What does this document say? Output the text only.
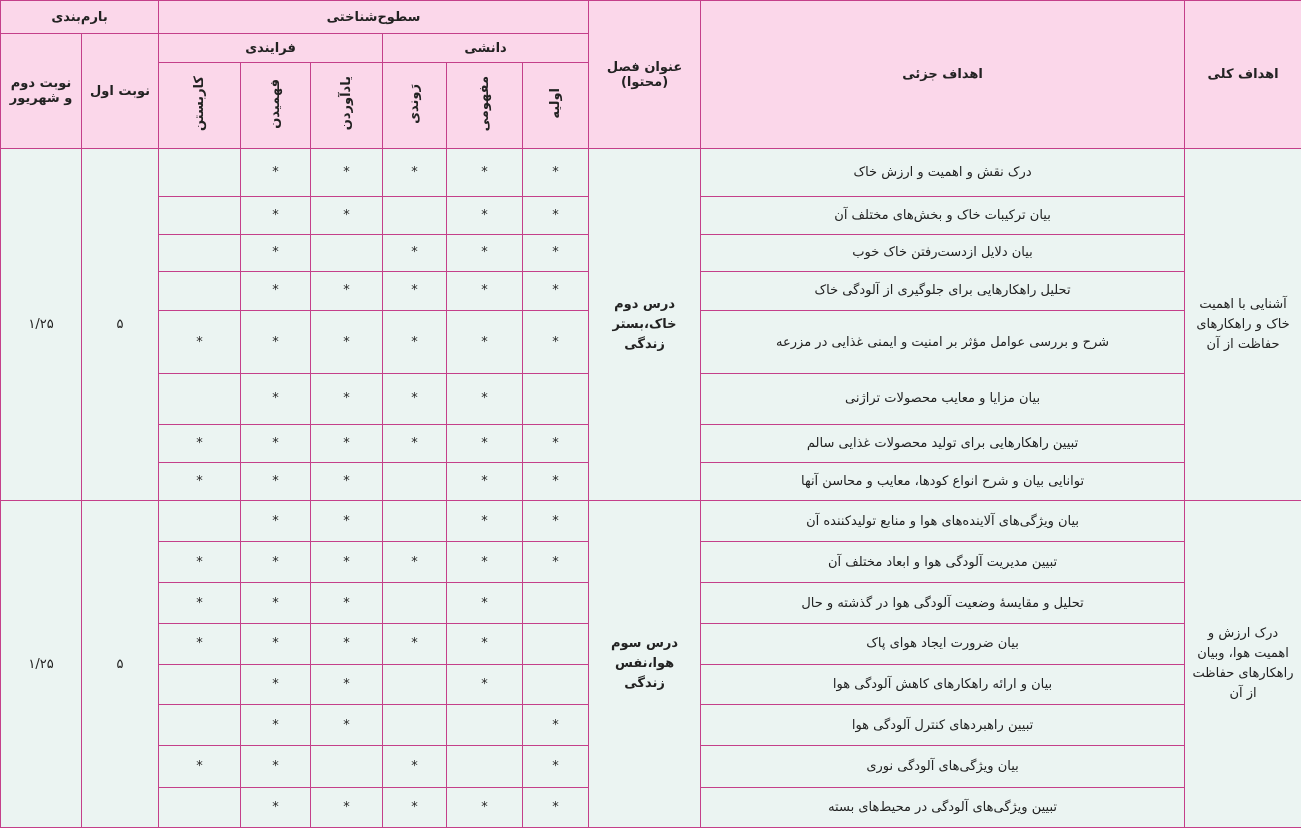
اهداف کلی	اهداف جزئی	عنوان فصل (محتوا)	سطوح‌شناختی						بارم‌بندی	
			دانشی			فرایندی			نوبت اول	نوبت دوم و شهریور
			اولیه	مفهومی	رَوندی	یادآوردن	فهمیدن	کاربستن		
آشنایی با اهمیت خاک و راهکارهای حفاظت از آن	درک نقش و اهمیت و ارزش خاک	درس دوم خاک،بستر زندگی	*	*	*	*	*		۵	۱/۲۵
	بیان ترکیبات خاک و بخش‌های مختلف آن		*	*		*	*			
	بیان دلایل ازدست‌رفتن خاک خوب		*	*	*		*			
	تحلیل راهکارهایی برای جلوگیری از آلودگی خاک		*	*	*	*	*			
	شرح و بررسی عوامل مؤثر بر امنیت و ایمنی غذایی در مزرعه		*	*	*	*	*	*		
	بیان مزایا و معایب محصولات تراژنی			*	*	*	*			
	تبیین راهکارهایی برای تولید محصولات غذایی سالم		*	*	*	*	*	*		
	توانایی بیان و شرح انواع کودها، معایب و محاسن آنها		*	*		*	*	*		
درک ارزش و اهمیت هوا، وبیان راهکارهای حفاظت از آن	بیان ویژگی‌های آلاینده‌های هوا و منابع تولیدکننده آن	درس سوم هوا،نفس زندگی	*	*		*	*		۵	۱/۲۵
	تبیین مدیریت آلودگی هوا و ابعاد مختلف آن		*	*	*	*	*	*		
	تحلیل و مقایسهٔ وضعیت آلودگی هوا در گذشته و حال			*		*	*	*		
	بیان ضرورت ایجاد هوای پاک			*	*	*	*	*		
	بیان و ارائه راهکارهای کاهش آلودگی هوا			*		*	*			
	تبیین راهبردهای کنترل آلودگی هوا		*			*	*			
	بیان ویژگی‌های آلودگی نوری		*		*		*	*		
	تبیین ویژگی‌های آلودگی در محیط‌های بسته		*	*	*	*	*			
